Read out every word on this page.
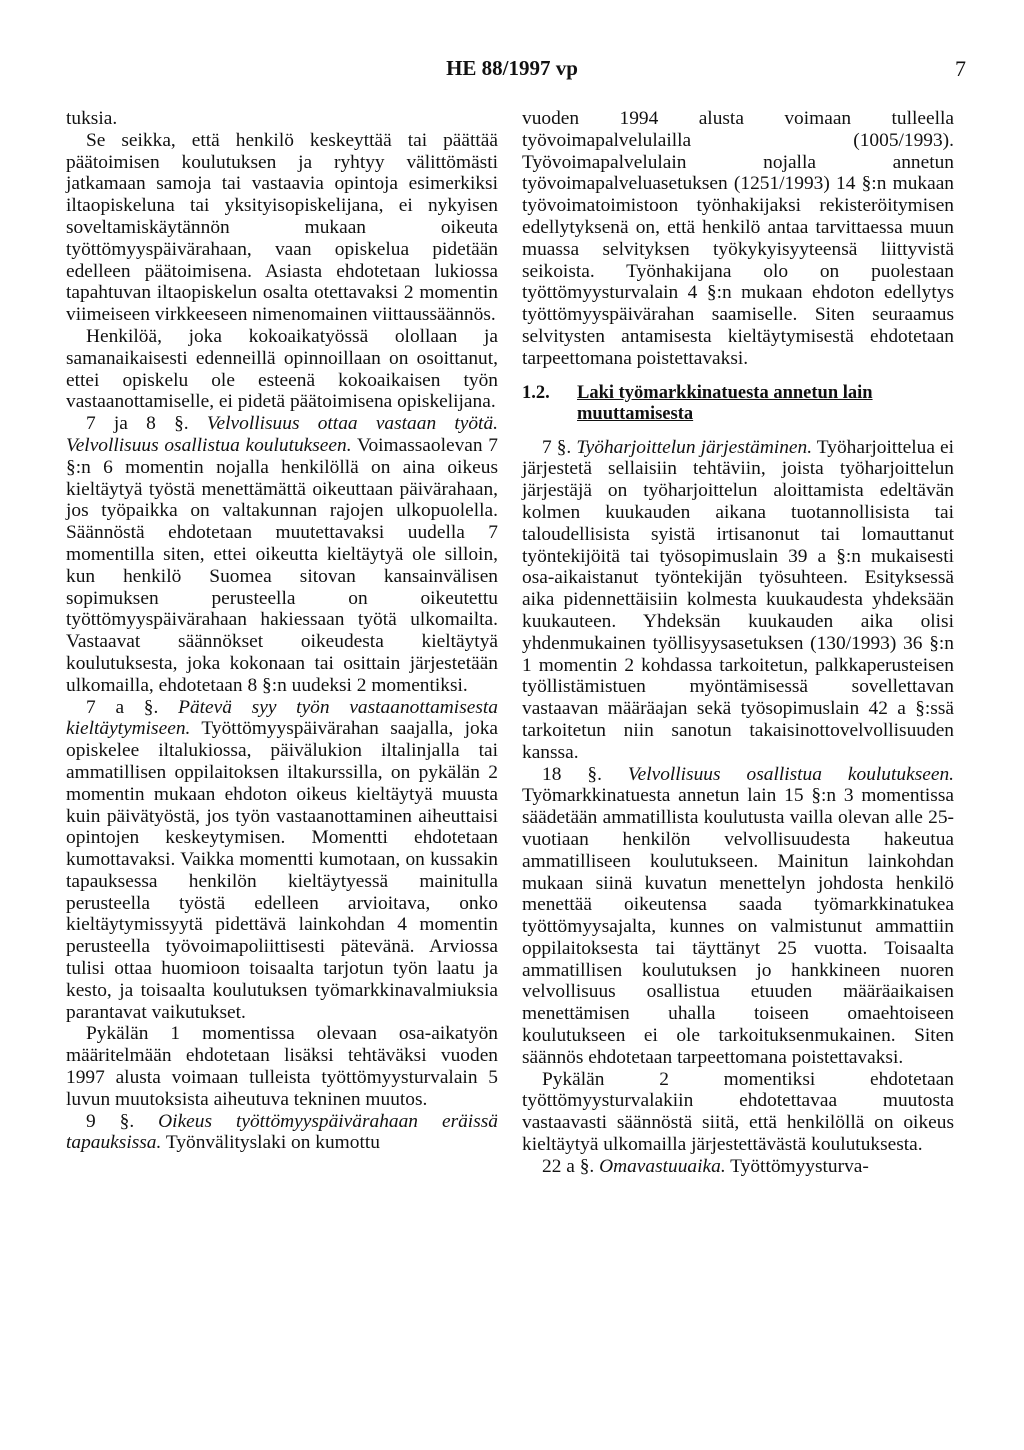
HE 88/1997 vp	7

tuksia.

Se seikka, että henkilö keskeyttää tai päättää päätoimisen koulutuksen ja ryhtyy välittömästi jatkamaan samoja tai vastaavia opintoja esimerkiksi iltaopiskeluna tai yksityisopiskelijana, ei nykyisen soveltamiskäytännön mukaan oikeuta työttömyyspäivärahaan, vaan opiskelua pidetään edelleen päätoimisena. Asiasta ehdotetaan lukiossa tapahtuvan iltaopiskelun osalta otettavaksi 2 momentin viimeiseen virkkeeseen nimenomainen viittaussäännös.

Henkilöä, joka kokoaikatyössä olollaan ja samanaikaisesti edenneillä opinnoillaan on osoittanut, ettei opiskelu ole esteenä kokoaikaisen työn vastaanottamiselle, ei pidetä päätoimisena opiskelijana.

7 ja 8 §. Velvollisuus ottaa vastaan työtä. Velvollisuus osallistua koulutukseen. Voimassaolevan 7 §:n 6 momentin nojalla henkilöllä on aina oikeus kieltäytyä työstä menettämättä oikeuttaan päivärahaan, jos työpaikka on valtakunnan rajojen ulkopuolella. Säännöstä ehdotetaan muutettavaksi uudella 7 momentilla siten, ettei oikeutta kieltäytyä ole silloin, kun henkilö Suomea sitovan kansainvälisen sopimuksen perusteella on oikeutettu työttömyyspäivärahaan hakiessaan työtä ulkomailta. Vastaavat säännökset oikeudesta kieltäytyä koulutuksesta, joka kokonaan tai osittain järjestetään ulkomailla, ehdotetaan 8 §:n uudeksi 2 momentiksi.

7 a §. Pätevä syy työn vastaanottamisesta kieltäytymiseen. Työttömyyspäivärahan saajalla, joka opiskelee iltalukiossa, päivälukion iltalinjalla tai ammatillisen oppilaitoksen iltakurssilla, on pykälän 2 momentin mukaan ehdoton oikeus kieltäytyä muusta kuin päivätyöstä, jos työn vastaanottaminen aiheuttaisi opintojen keskeytymisen. Momentti ehdotetaan kumottavaksi. Vaikka momentti kumotaan, on kussakin tapauksessa henkilön kieltäytyessä mainitulla perusteella työstä edelleen arvioitava, onko kieltäytymissyytä pidettävä lainkohdan 4 momentin perusteella työvoimapoliittisesti pätevänä. Arviossa tulisi ottaa huomioon toisaalta tarjotun työn laatu ja kesto, ja toisaalta koulutuksen työmarkkinavalmiuksia parantavat vaikutukset.

Pykälän 1 momentissa olevaan osa-aikatyön määritelmään ehdotetaan lisäksi tehtäväksi vuoden 1997 alusta voimaan tulleista työttömyysturvalain 5 luvun muutoksista aiheutuva tekninen muutos.

9 §. Oikeus työttömyyspäivärahaan eräissä tapauksissa. Työnvälityslaki on kumottu

vuoden 1994 alusta voimaan tulleella työvoimapalvelulailla (1005/1993). Työvoimapalvelulain nojalla annetun työvoimapalveluasetuksen (1251/1993) 14 §:n mukaan työvoimatoimistoon työnhakijaksi rekisteröitymisen edellytyksenä on, että henkilö antaa tarvittaessa muun muassa selvityksen työkykyisyyteensä liittyvistä seikoista. Työnhakijana olo on puolestaan työttömyysturvalain 4 §:n mukaan ehdoton edellytys työttömyyspäivärahan saamiselle. Siten seuraamus selvitysten antamisesta kieltäytymisestä ehdotetaan tarpeettomana poistettavaksi.

1.2.	Laki työmarkkinatuesta annetun lain muuttamisesta

7 §. Työharjoittelun järjestäminen. Työharjoittelua ei järjestetä sellaisiin tehtäviin, joista työharjoittelun järjestäjä on työharjoittelun aloittamista edeltävän kolmen kuukauden aikana tuotannollisista tai taloudellisista syistä irtisanonut tai lomauttanut työntekijöitä tai työsopimuslain 39 a §:n mukaisesti osa-aikaistanut työntekijän työsuhteen. Esityksessä aika pidennettäisiin kolmesta kuukaudesta yhdeksään kuukauteen. Yhdeksän kuukauden aika olisi yhdenmukainen työllisyysasetuksen (130/1993) 36 §:n 1 momentin 2 kohdassa tarkoitetun, palkkaperusteisen työllistämistuen myöntämisessä sovellettavan vastaavan määräajan sekä työsopimuslain 42 a §:ssä tarkoitetun niin sanotun takaisinottovelvollisuuden kanssa.

18 §. Velvollisuus osallistua koulutukseen. Työmarkkinatuesta annetun lain 15 §:n 3 momentissa säädetään ammatillista koulutusta vailla olevan alle 25-vuotiaan henkilön velvollisuudesta hakeutua ammatilliseen koulutukseen. Mainitun lainkohdan mukaan siinä kuvatun menettelyn johdosta henkilö menettää oikeutensa saada työmarkkinatukea työttömyysajalta, kunnes on valmistunut ammattiin oppilaitoksesta tai täyttänyt 25 vuotta. Toisaalta ammatillisen koulutuksen jo hankkineen nuoren velvollisuus osallistua etuuden määräaikaisen menettämisen uhalla toiseen omaehtoiseen koulutukseen ei ole tarkoituksenmukainen. Siten säännös ehdotetaan tarpeettomana poistettavaksi.

Pykälän 2 momentiksi ehdotetaan työttömyysturvalakiin ehdotettavaa muutosta vastaavasti säännöstä siitä, että henkilöllä on oikeus kieltäytyä ulkomailla järjestettävästä koulutuksesta.

22 a §. Omavastuuaika. Työttömyysturva-
